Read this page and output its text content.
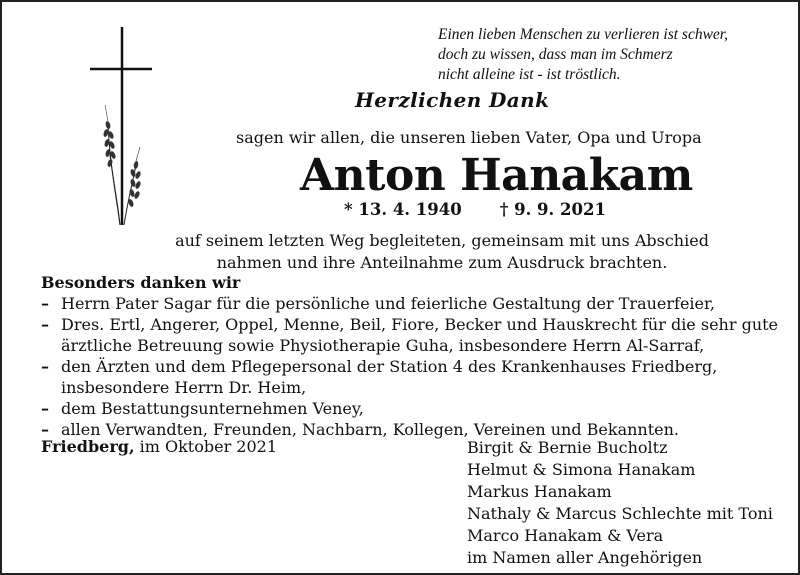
Einen lieben Menschen zu verlieren ist schwer,
doch zu wissen, dass man im Schmerz
nicht alleine ist - ist tröstlich.
Herzlichen Dank
sagen wir allen, die unseren lieben Vater, Opa und Uropa
Anton Hanakam
* 13. 4. 1940 † 9. 9. 2021
auf seinem letzten Weg begleiteten, gemeinsam mit uns Abschied
nahmen und ihre Anteilnahme zum Ausdruck brachten.
Besonders danken wir
– Herrn Pater Sagar für die persönliche und feierliche Gestaltung der Trauerfeier,
– Dres. Ertl, Angerer, Oppel, Menne, Beil, Fiore, Becker und Hauskrecht für die sehr gute ärztliche Betreuung sowie Physiotherapie Guha, insbesondere Herrn Al-Sarraf,
– den Ärzten und dem Pflegepersonal der Station 4 des Krankenhauses Friedberg, insbesondere Herrn Dr. Heim,
– dem Bestattungsunternehmen Veney,
– allen Verwandten, Freunden, Nachbarn, Kollegen, Vereinen und Bekannten.
Friedberg, im Oktober 2021	Birgit & Bernie Bucholtz
Helmut & Simona Hanakam
Markus Hanakam
Nathaly & Marcus Schlechte mit Toni
Marco Hanakam & Vera
im Namen aller Angehörigen
